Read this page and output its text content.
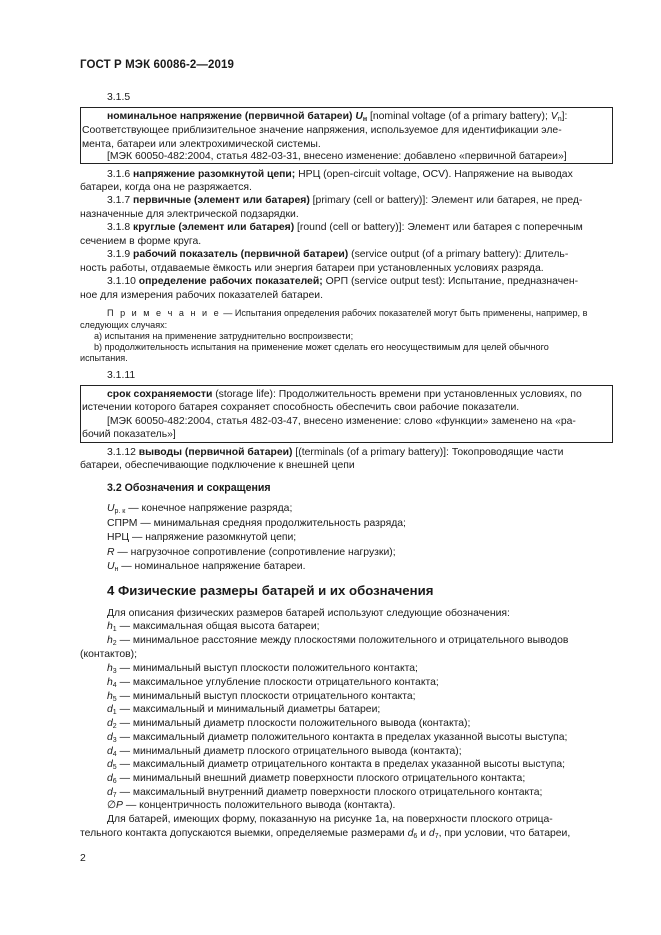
ГОСТ Р МЭК 60086-2—2019
3.1.5
номинальное напряжение (первичной батареи) $U_н$ [nominal voltage (of a primary battery); $V_n$]:
Соответствующее приблизительное значение напряжения, используемое для идентификации эле-
мента, батареи или электрохимической системы.
[МЭК 60050-482:2004, статья 482-03-31, внесено изменение: добавлено «первичной батареи»]
3.1.6 напряжение разомкнутой цепи; НРЦ (open-circuit voltage, OCV). Напряжение на выводах
батареи, когда она не разряжается.
3.1.7 первичные (элемент или батарея) [primary (cell or battery)]: Элемент или батарея, не пред-
назначенные для электрической подзарядки.
3.1.8 круглые (элемент или батарея) [round (cell or battery)]: Элемент или батарея с поперечным
сечением в форме круга.
3.1.9 рабочий показатель (первичной батареи) (service output (of a primary battery): Длитель-
ность работы, отдаваемые ёмкость или энергия батареи при установленных условиях разряда.
3.1.10 определение рабочих показателей; ОРП (service output test): Испытание, предназначен-
ное для измерения рабочих показателей батареи.
П р и м е ч а н и е — Испытания определения рабочих показателей могут быть применены, например, в
следующих случаях:
а) испытания на применение затруднительно воспроизвести;
b) продолжительность испытания на применение может сделать его неосуществимым для целей обычного
испытания.
3.1.11
срок сохраняемости (storage life): Продолжительность времени при установленных условиях, по
истечении которого батарея сохраняет способность обеспечить свои рабочие показатели.
[МЭК 60050-482:2004, статья 482-03-47, внесено изменение: слово «функции» заменено на «ра-
бочий показатель»]
3.1.12 выводы (первичной батареи) [(terminals (of a primary battery)]: Токопроводящие части
батареи, обеспечивающие подключение к внешней цепи
3.2 Обозначения и сокращения
$U_{р. к}$ — конечное напряжение разряда;
СПРМ — минимальная средняя продолжительность разряда;
НРЦ — напряжение разомкнутой цепи;
R — нагрузочное сопротивление (сопротивление нагрузки);
$U_н$ — номинальное напряжение батареи.
4 Физические размеры батарей и их обозначения
Для описания физических размеров батарей используют следующие обозначения:
$h_1$ — максимальная общая высота батареи;
$h_2$ — минимальное расстояние между плоскостями положительного и отрицательного выводов
$h_3$ — минимальный выступ плоскости положительного контакта;
$h_4$ — максимальное углубление плоскости отрицательного контакта;
$h_5$ — минимальный выступ плоскости отрицательного контакта;
$d_1$ — максимальный и минимальный диаметры батареи;
$d_2$ — минимальный диаметр плоскости положительного вывода (контакта);
$d_3$ — максимальный диаметр положительного контакта в пределах указанной высоты выступа;
$d_4$ — минимальный диаметр плоского отрицательного вывода (контакта);
$d_5$ — максимальный диаметр отрицательного контакта в пределах указанной высоты выступа;
$d_6$ — минимальный внешний диаметр поверхности плоского отрицательного контакта;
$d_7$ — максимальный внутренний диаметр поверхности плоского отрицательного контакта;
∅P — концентричность положительного вывода (контакта).
(контактов);
Для батарей, имеющих форму, показанную на рисунке 1а, на поверхности плоского отрица-
тельного контакта допускаются выемки, определяемые размерами $d_6$ и $d_7$, при условии, что батареи,
2
